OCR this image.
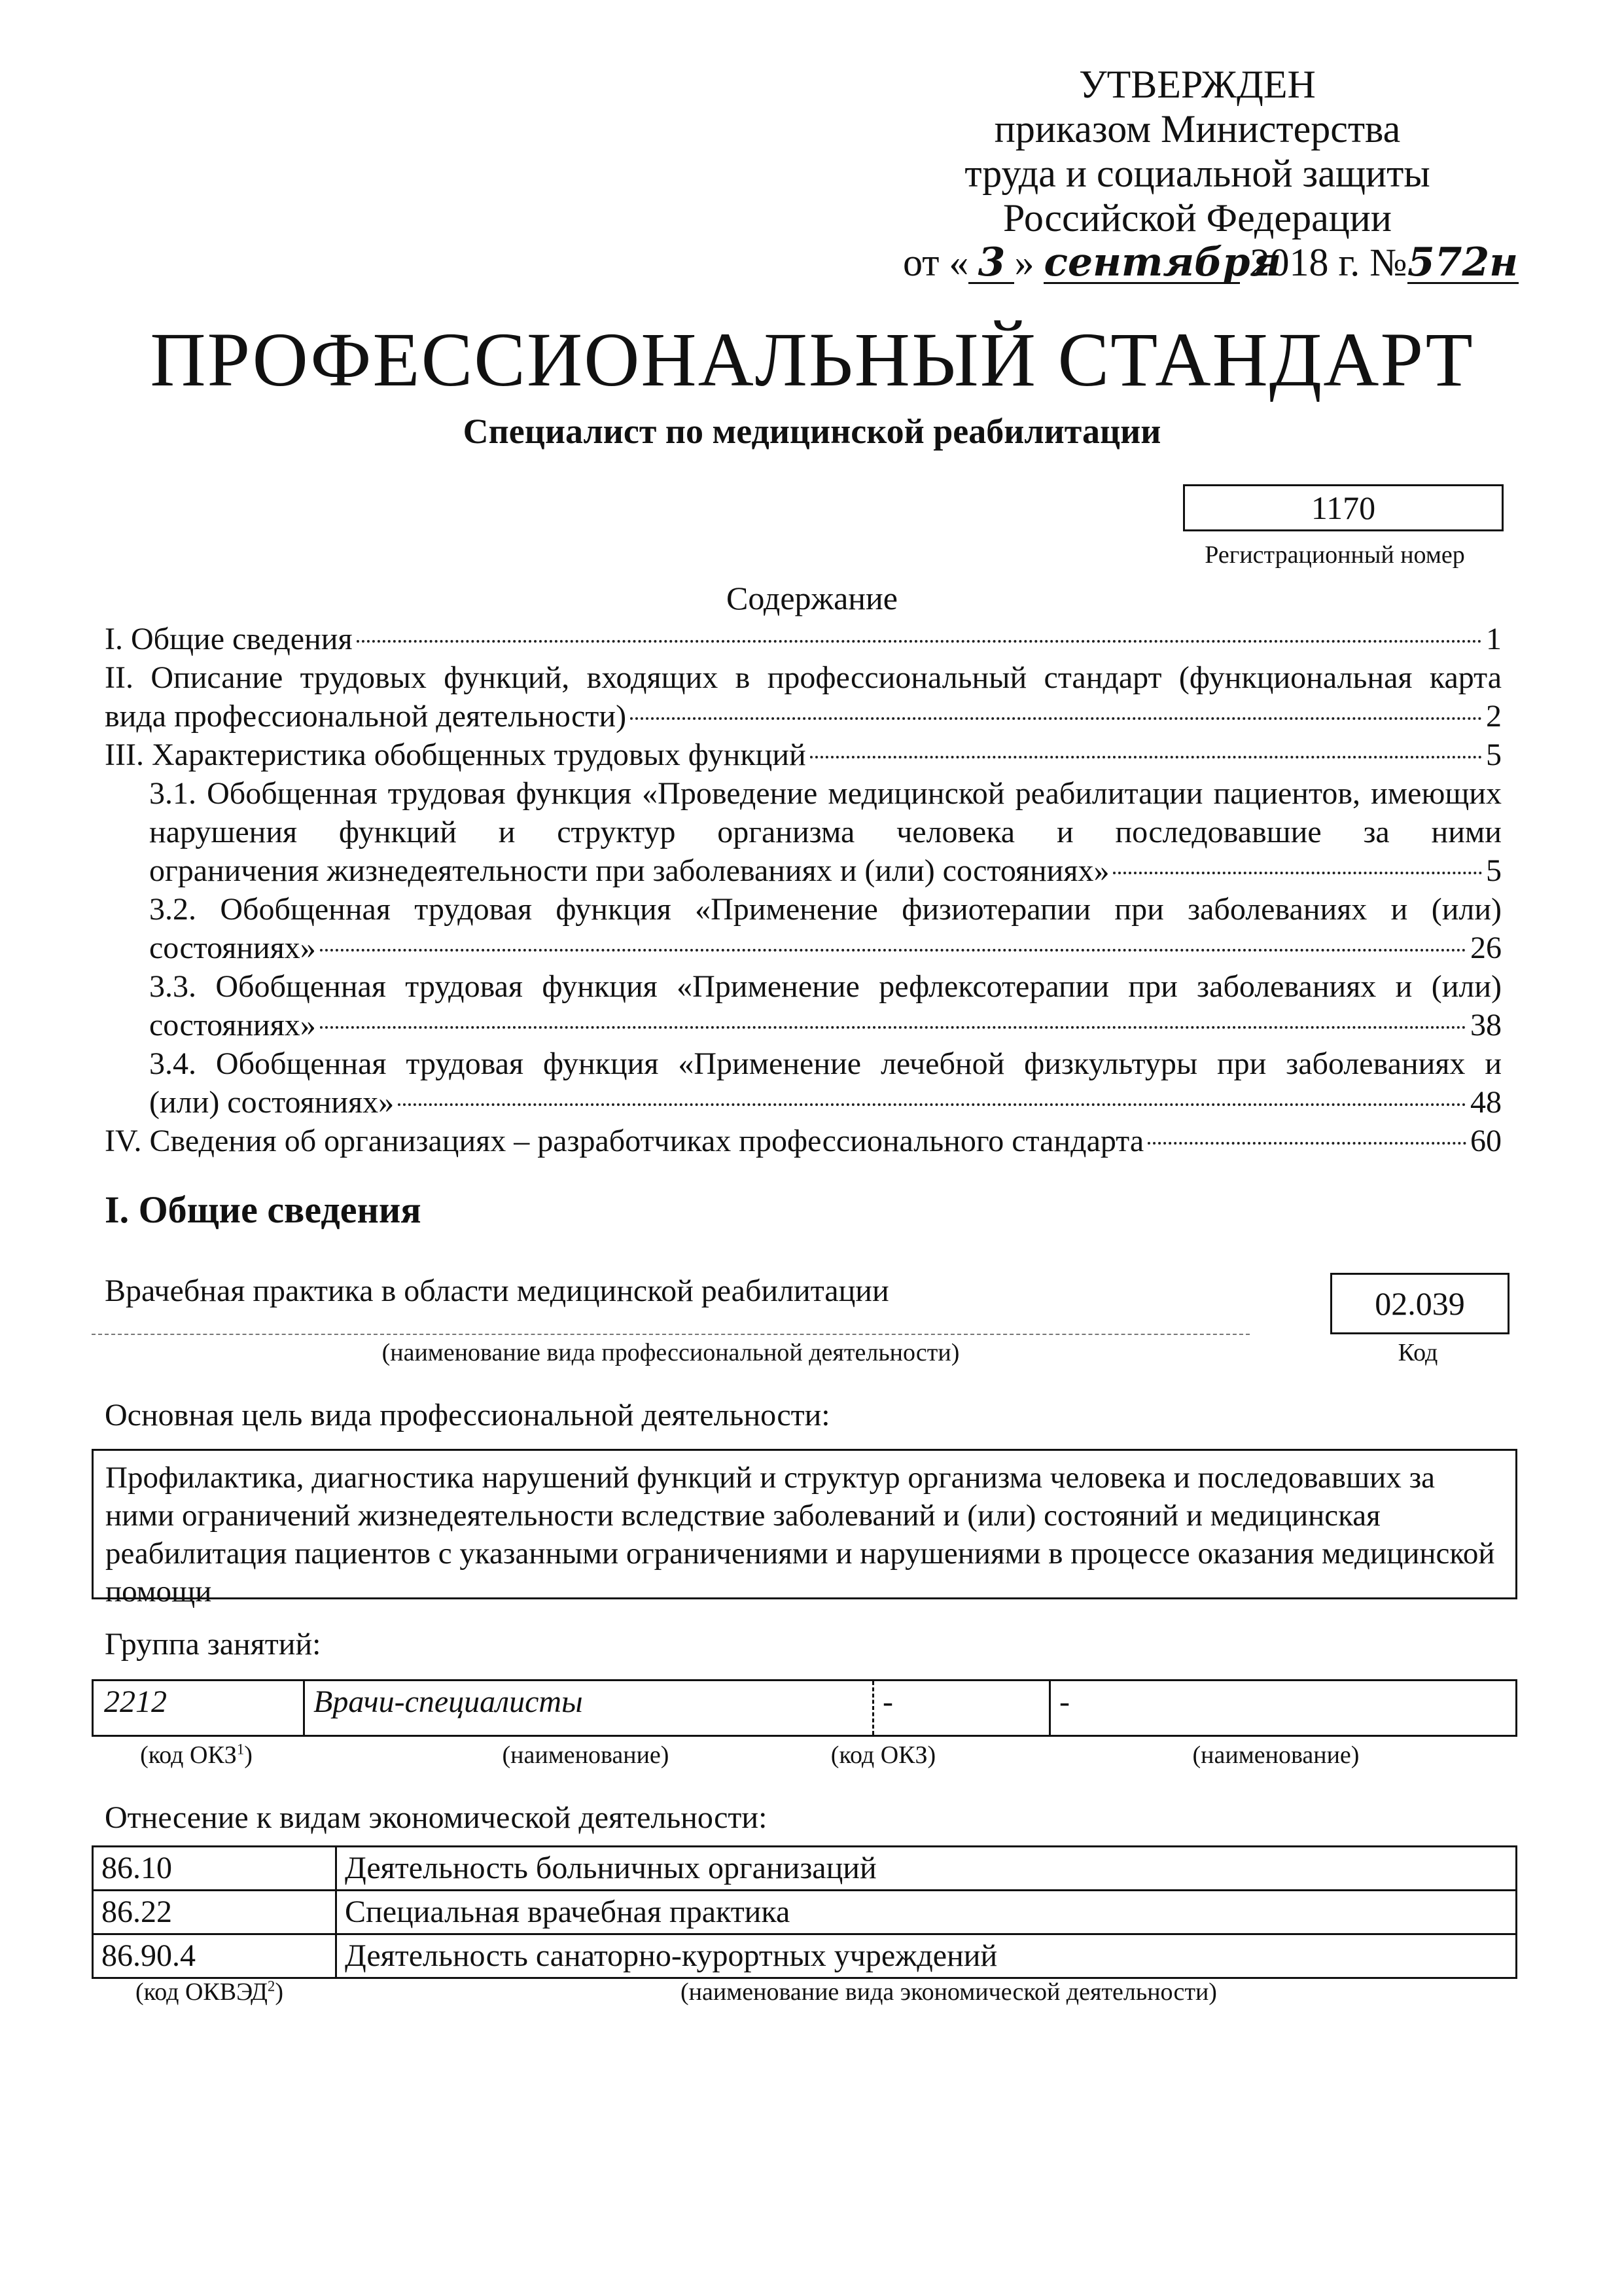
УТВЕРЖДЕН
приказом Министерства
труда и социальной защиты
Российской Федерации
от « 3 » сентября 2018 г. №572н
ПРОФЕССИОНАЛЬНЫЙ СТАНДАРТ
Специалист по медицинской реабилитации
1170
Регистрационный номер
Содержание
I. Общие сведения	1
II. Описание трудовых функций, входящих в профессиональный стандарт (функциональная карта
вида профессиональной деятельности)	2
III. Характеристика обобщенных трудовых функций	5
3.1. Обобщенная трудовая функция «Проведение медицинской реабилитации пациентов, имеющих нарушения функций и структур организма человека и последовавшие за ними
ограничения жизнедеятельности при заболеваниях и (или) состояниях»	5
3.2. Обобщенная трудовая функция «Применение физиотерапии при заболеваниях и (или)
состояниях»	26
3.3. Обобщенная трудовая функция «Применение рефлексотерапии при заболеваниях и (или)
состояниях»	38
3.4. Обобщенная трудовая функция «Применение лечебной физкультуры при заболеваниях и
(или) состояниях»	48
IV. Сведения об организациях – разработчиках профессионального стандарта	60
I. Общие сведения
Врачебная практика в области медицинской реабилитации
(наименование вида профессиональной деятельности)
02.039
Код
Основная цель вида профессиональной деятельности:
Профилактика, диагностика нарушений функций и структур организма человека и последовавших за ними ограничений жизнедеятельности вследствие заболеваний и (или) состояний и медицинская реабилитация пациентов с указанными ограничениями и нарушениями в процессе оказания медицинской помощи
Группа занятий:
2212	Врачи-специалисты	-	-
(код ОКЗ$^1$)	(наименование)	(код ОКЗ)	(наименование)
Отнесение к видам экономической деятельности:
86.10	Деятельность больничных организаций
86.22	Специальная врачебная практика
86.90.4	Деятельность санаторно-курортных учреждений
(код ОКВЭД$^2$)	(наименование вида экономической деятельности)
